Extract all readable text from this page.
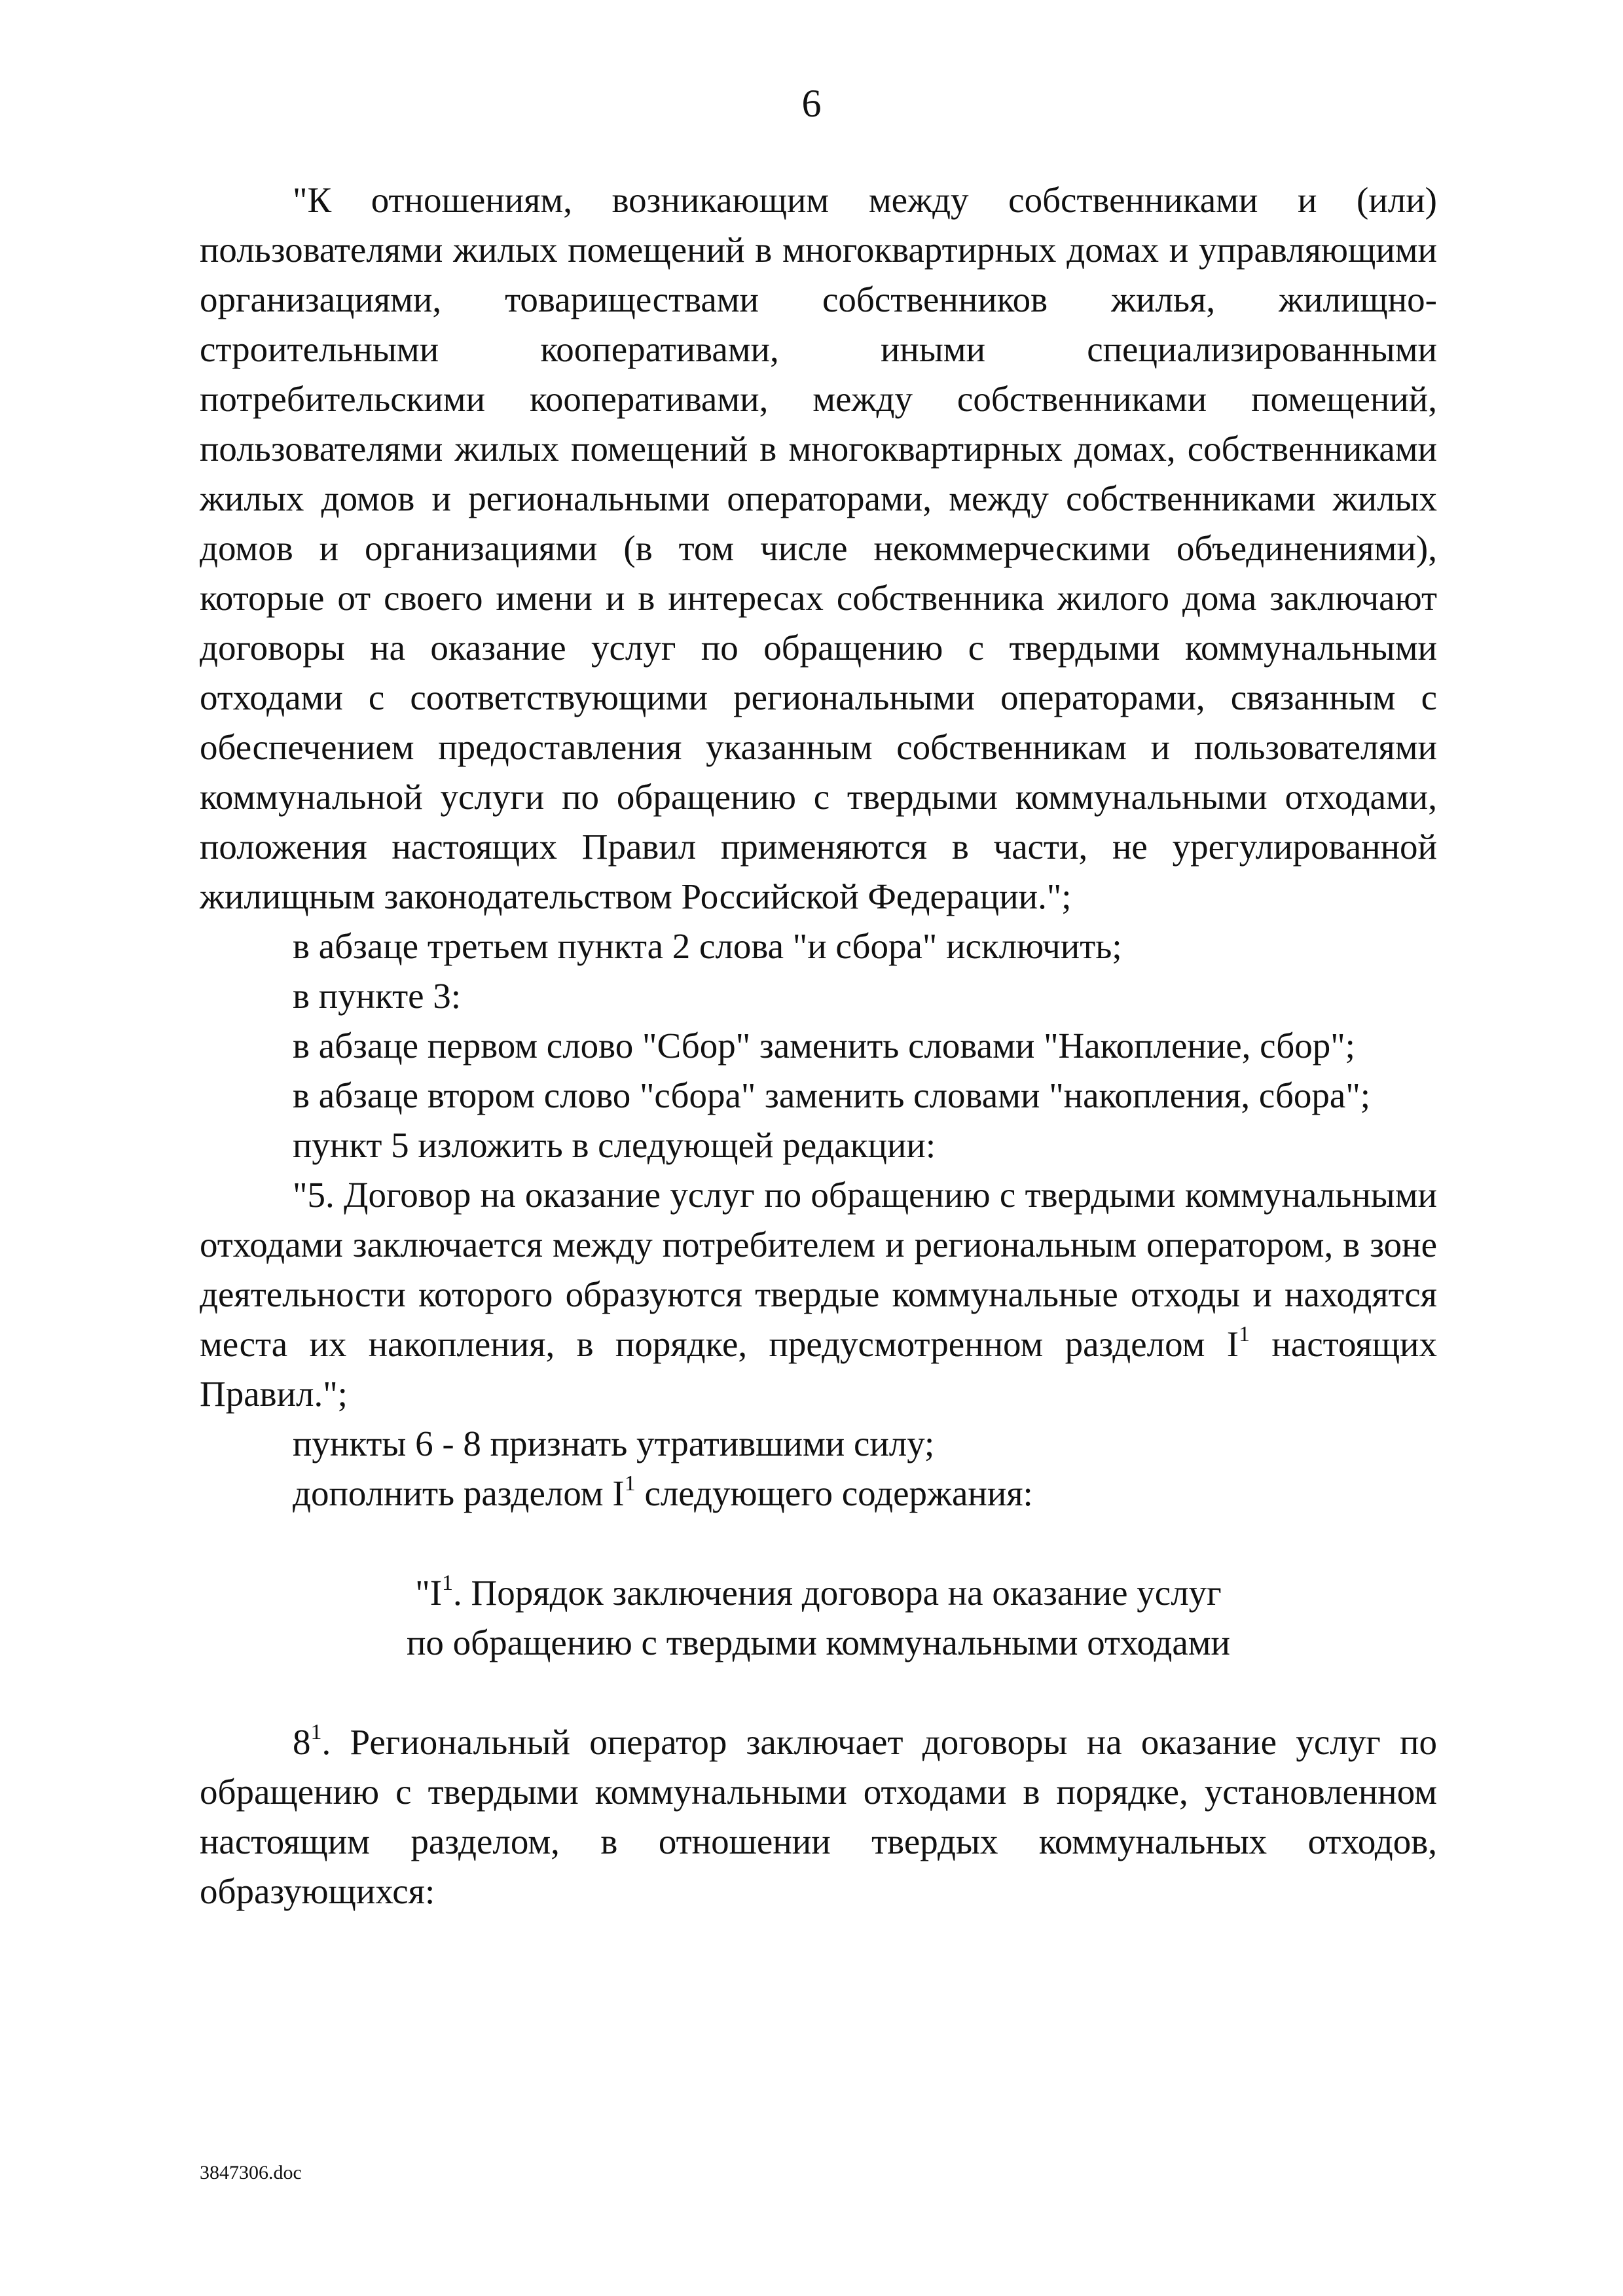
6

"К отношениям, возникающим между собственниками и (или) пользователями жилых помещений в многоквартирных домах и управляющими организациями, товариществами собственников жилья, жилищно-строительными кооперативами, иными специализированными потребительскими кооперативами, между собственниками помещений, пользователями жилых помещений в многоквартирных домах, собственниками жилых домов и региональными операторами, между собственниками жилых домов и организациями (в том числе некоммерческими объединениями), которые от своего имени и в интересах собственника жилого дома заключают договоры на оказание услуг по обращению с твердыми коммунальными отходами с соответствующими региональными операторами, связанным с обеспечением предоставления указанным собственникам и пользователями коммунальной услуги по обращению с твердыми коммунальными отходами, положения настоящих Правил применяются в части, не урегулированной жилищным законодательством Российской Федерации.";

в абзаце третьем пункта 2 слова "и сбора" исключить;

в пункте 3:

в абзаце первом слово "Сбор" заменить словами "Накопление, сбор";

в абзаце втором слово "сбора" заменить словами "накопления, сбора";

пункт 5 изложить в следующей редакции:

"5. Договор на оказание услуг по обращению с твердыми коммунальными отходами заключается между потребителем и региональным оператором, в зоне деятельности которого образуются твердые коммунальные отходы и находятся места их накопления, в порядке, предусмотренном разделом $I^1$ настоящих Правил.";

пункты 6 - 8 признать утратившими силу;

дополнить разделом $I^1$ следующего содержания:

"$I^1$. Порядок заключения договора на оказание услуг
по обращению с твердыми коммунальными отходами

$8^1$. Региональный оператор заключает договоры на оказание услуг по обращению с твердыми коммунальными отходами в порядке, установленном настоящим разделом, в отношении твердых коммунальных отходов, образующихся:

3847306.doc
